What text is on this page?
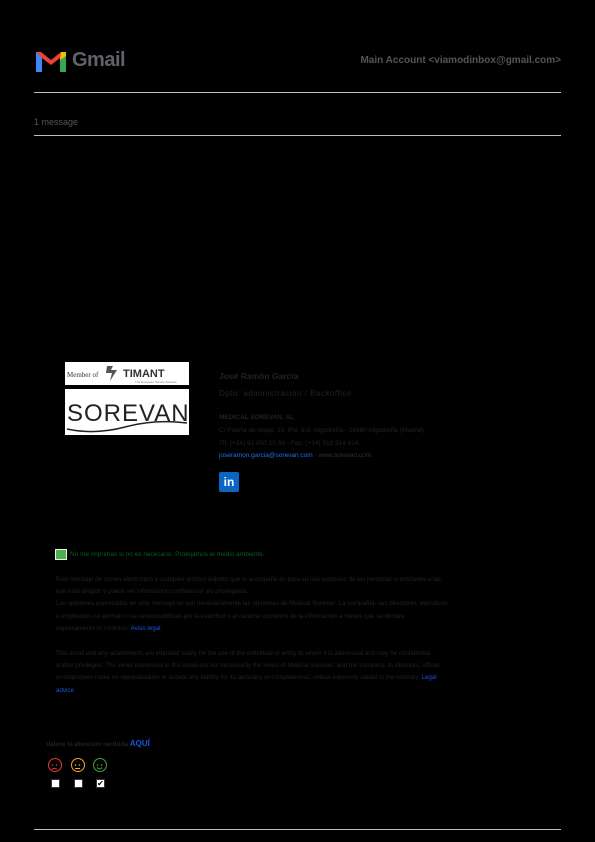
Gmail	Main Account <viamodinbox@gmail.com>
1 message
Member of TIMANT
The European Service Network
SOREVAN
José Ramón García
Dpto. administración / Backoffice
MEDICAL SOREVAN, SL
C/ Puerta de Abajo, 18. Pol. Ind. Algodreña - 28480 Algodreña (Madrid)
Tlf: (+34) 91 850 10 38 - Fax: (+34) 918 314 824
joseramon.garcia@sorevan.com - www.sorevan.com
in
No me imprimas si no es necesario. Protejamos el medio ambiente.
Este mensaje de correo electrónico y cualquier archivo adjunto que lo acompañe es para su uso exclusivo de las personas o entidades a las
que está dirigido y puede ser información confidencial y/o privilegiada.
Las opiniones expresadas en este mensaje no son necesariamente las opiniones de Medical Sorevan. La compañía, sus directores, ejecutivos
o empleados no afirman ni se responsabilizan por la exactitud o el carácter completo de la información a menos que se declare
expresamente lo contrario. Aviso legal
This email and any attachments are intended solely for the use of the individual or entity to whom it is addressed and may be confidential
and/or privileged. The views expressed in this email are not necessarily the views of Medical Sorevan, and the company, its directors, offices
or employees make no representation or accept any liability for its accuracy or completeness, unless expressly stated to the contrary. Legal
advice
Valore la atención recibida AQUÍ
✔
